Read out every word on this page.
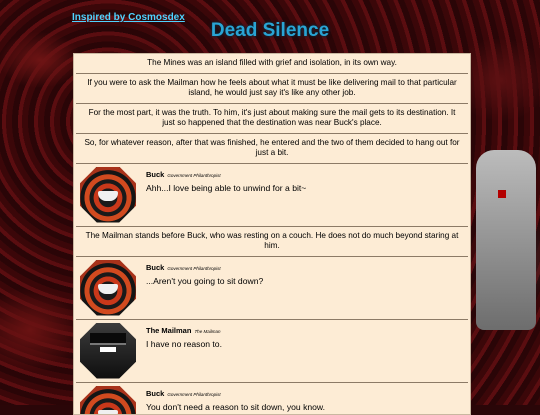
Inspired by Cosmosdex
Dead Silence
The Mines was an island filled with grief and isolation, in its own way.
If you were to ask the Mailman how he feels about what it must be like delivering mail to that particular island, he would just say it's like any other job.
For the most part, it was the truth. To him, it's just about making sure the mail gets to its destination. It just so happened that the destination was near Buck's place.
So, for whatever reason, after that was finished, he entered and the two of them decided to hang out for just a bit.
Buck Government Philanthropist
Ahh...I love being able to unwind for a bit~
The Mailman stands before Buck, who was resting on a couch. He does not do much beyond staring at him.
Buck Government Philanthropist
...Aren't you going to sit down?
The Mailman The Mailman
I have no reason to.
Buck Government Philanthropist
You don't need a reason to sit down, you know.
